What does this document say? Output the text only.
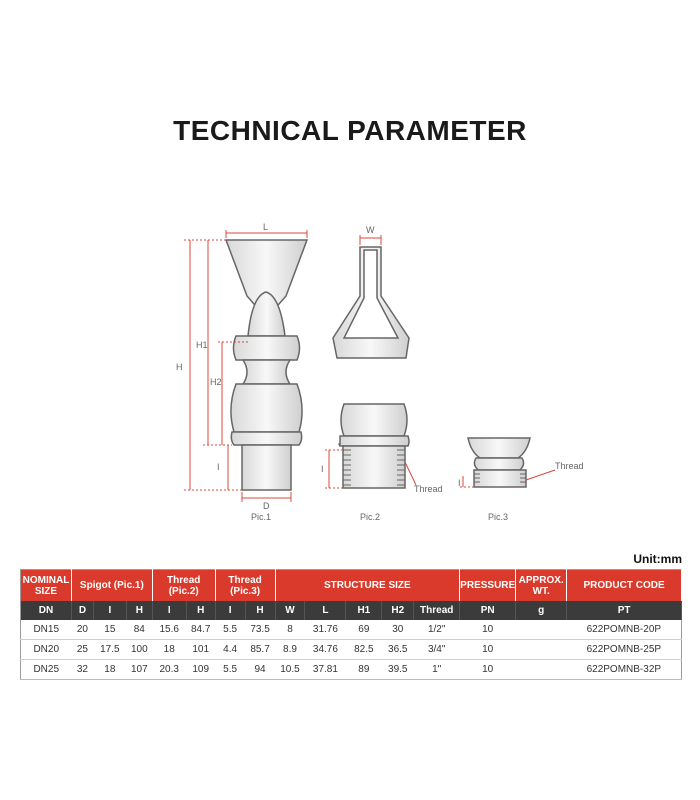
TECHNICAL PARAMETER
L
H
H1
H2
I
D
Pic.1
W
I
Thread
Pic.2
I
Thread
Pic.3
Unit:mm
NOMINAL SIZE	Spigot (Pic.1)			Thread (Pic.2)		Thread (Pic.3)		STRUCTURE SIZE					PRESSURE	APPROX. WT.	PRODUCT CODE
DN	D	I	H	I	H	I	H	W	L	H1	H2	Thread	PN	g	PT
DN15	20	15	84	15.6	84.7	5.5	73.5	8	31.76	69	30	1/2"	10		622POMNB-20P
DN20	25	17.5	100	18	101	4.4	85.7	8.9	34.76	82.5	36.5	3/4"	10		622POMNB-25P
DN25	32	18	107	20.3	109	5.5	94	10.5	37.81	89	39.5	1"	10		622POMNB-32P
